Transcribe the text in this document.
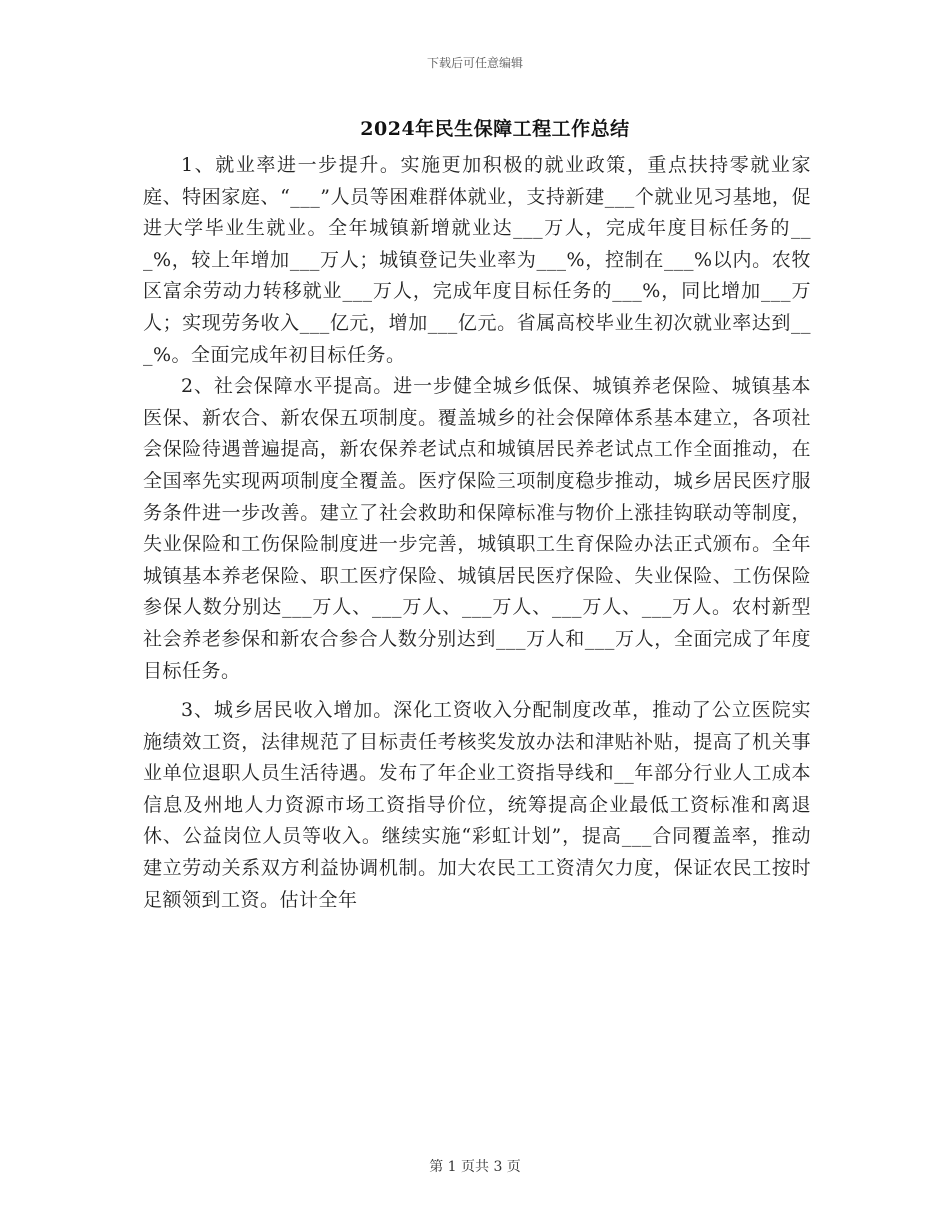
下载后可任意编辑
2024年民生保障工程工作总结

1、就业率进一步提升。实施更加积极的就业政策，重点扶持零就业家庭、特困家庭、“___”人员等困难群体就业，支持新建___个就业见习基地，促进大学毕业生就业。全年城镇新增就业达___万人，完成年度目标任务的___%，较上年增加___万人；城镇登记失业率为___%，控制在___%以内。农牧区富余劳动力转移就业___万人，完成年度目标任务的___%，同比增加___万人；实现劳务收入___亿元，增加___亿元。省属高校毕业生初次就业率达到___%。全面完成年初目标任务。

2、社会保障水平提高。进一步健全城乡低保、城镇养老保险、城镇基本医保、新农合、新农保五项制度。覆盖城乡的社会保障体系基本建立，各项社会保险待遇普遍提高，新农保养老试点和城镇居民养老试点工作全面推动，在全国率先实现两项制度全覆盖。医疗保险三项制度稳步推动，城乡居民医疗服务条件进一步改善。建立了社会救助和保障标准与物价上涨挂钩联动等制度，失业保险和工伤保险制度进一步完善，城镇职工生育保险办法正式颁布。全年城镇基本养老保险、职工医疗保险、城镇居民医疗保险、失业保险、工伤保险参保人数分别达___万人、___万人、___万人、___万人、___万人。农村新型社会养老参保和新农合参合人数分别达到___万人和___万人，全面完成了年度目标任务。

3、城乡居民收入增加。深化工资收入分配制度改革，推动了公立医院实施绩效工资，法律规范了目标责任考核奖发放办法和津贴补贴，提高了机关事业单位退职人员生活待遇。发布了年企业工资指导线和__年部分行业人工成本信息及州地人力资源市场工资指导价位，统筹提高企业最低工资标准和离退休、公益岗位人员等收入。继续实施“彩虹计划”，提高___合同覆盖率，推动建立劳动关系双方利益协调机制。加大农民工工资清欠力度，保证农民工按时足额领到工资。估计全年

第 1 页共 3 页
